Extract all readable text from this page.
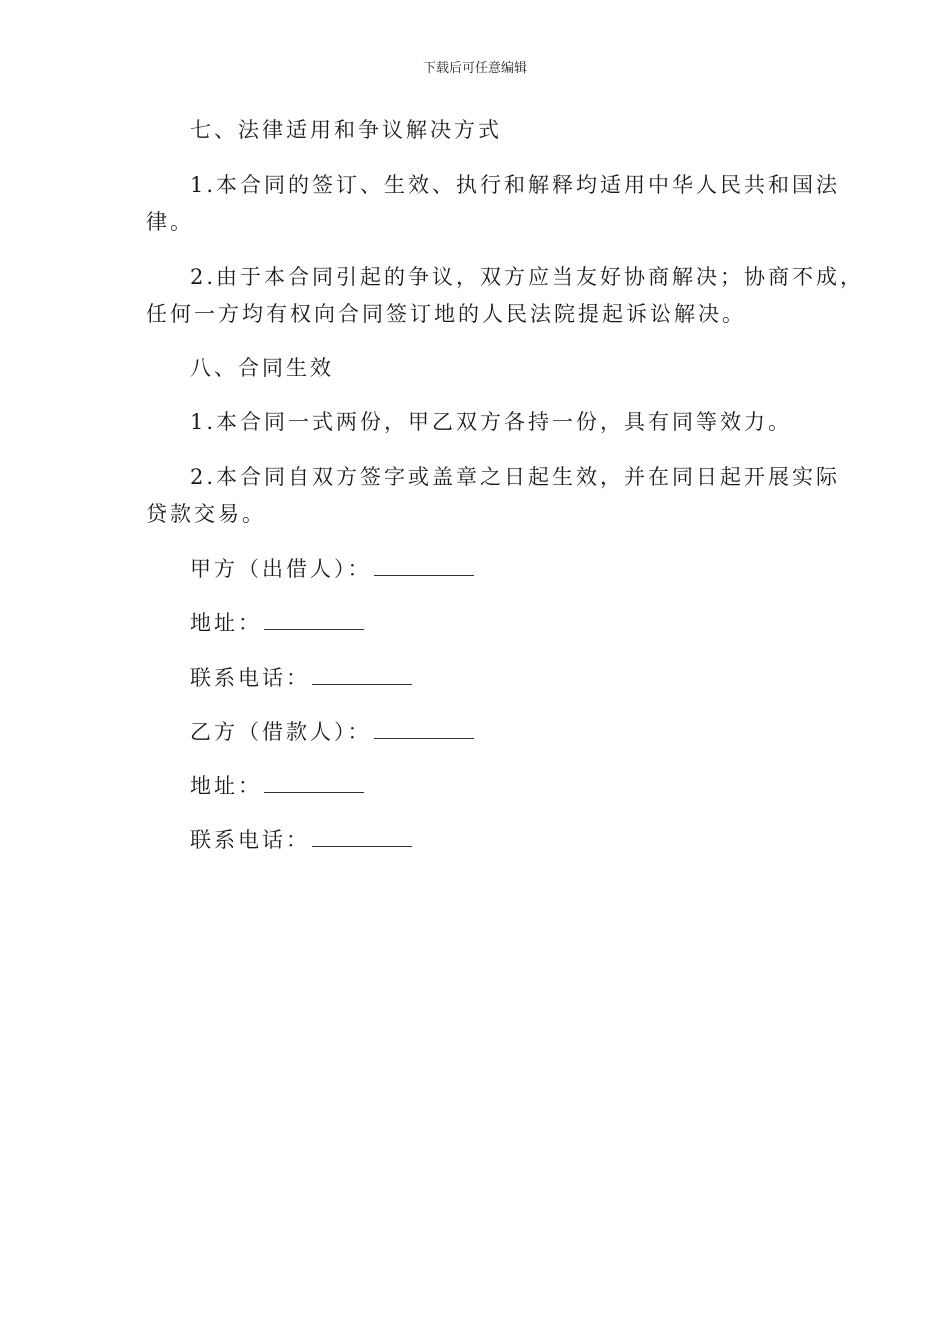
下载后可任意编辑
七、法律适用和争议解决方式
1.本合同的签订、生效、执行和解释均适用中华人民共和国法
律。
2.由于本合同引起的争议，双方应当友好协商解决；协商不成，
任何一方均有权向合同签订地的人民法院提起诉讼解决。
八、合同生效
1.本合同一式两份，甲乙双方各持一份，具有同等效力。
2.本合同自双方签字或盖章之日起生效，并在同日起开展实际
贷款交易。
甲方（出借人）：
地址：
联系电话：
乙方（借款人）：
地址：
联系电话：
